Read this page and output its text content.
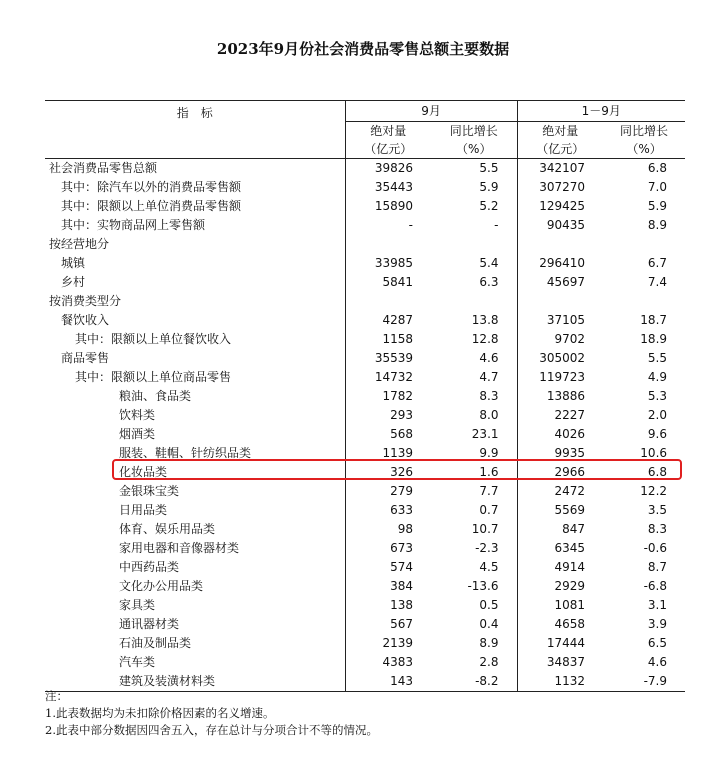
2023年9月份社会消费品零售总额主要数据
指　标	9月		1－9月	
	绝对量	同比增长	绝对量	同比增长
	（亿元）	（%）	（亿元）	（%）
社会消费品零售总额	39826	5.5	342107	6.8
其中：除汽车以外的消费品零售额	35443	5.9	307270	7.0
其中：限额以上单位消费品零售额	15890	5.2	129425	5.9
其中：实物商品网上零售额	-	-	90435	8.9
按经营地分				
城镇	33985	5.4	296410	6.7
乡村	5841	6.3	45697	7.4
按消费类型分				
餐饮收入	4287	13.8	37105	18.7
其中：限额以上单位餐饮收入	1158	12.8	9702	18.9
商品零售	35539	4.6	305002	5.5
其中：限额以上单位商品零售	14732	4.7	119723	4.9
粮油、食品类	1782	8.3	13886	5.3
饮料类	293	8.0	2227	2.0
烟酒类	568	23.1	4026	9.6
服装、鞋帽、针纺织品类	1139	9.9	9935	10.6
化妆品类	326	1.6	2966	6.8
金银珠宝类	279	7.7	2472	12.2
日用品类	633	0.7	5569	3.5
体育、娱乐用品类	98	10.7	847	8.3
家用电器和音像器材类	673	-2.3	6345	-0.6
中西药品类	574	4.5	4914	8.7
文化办公用品类	384	-13.6	2929	-6.8
家具类	138	0.5	1081	3.1
通讯器材类	567	0.4	4658	3.9
石油及制品类	2139	8.9	17444	6.5
汽车类	4383	2.8	34837	4.6
建筑及装潢材料类	143	-8.2	1132	-7.9
注：
1.此表数据均为未扣除价格因素的名义增速。
2.此表中部分数据因四舍五入，存在总计与分项合计不等的情况。
